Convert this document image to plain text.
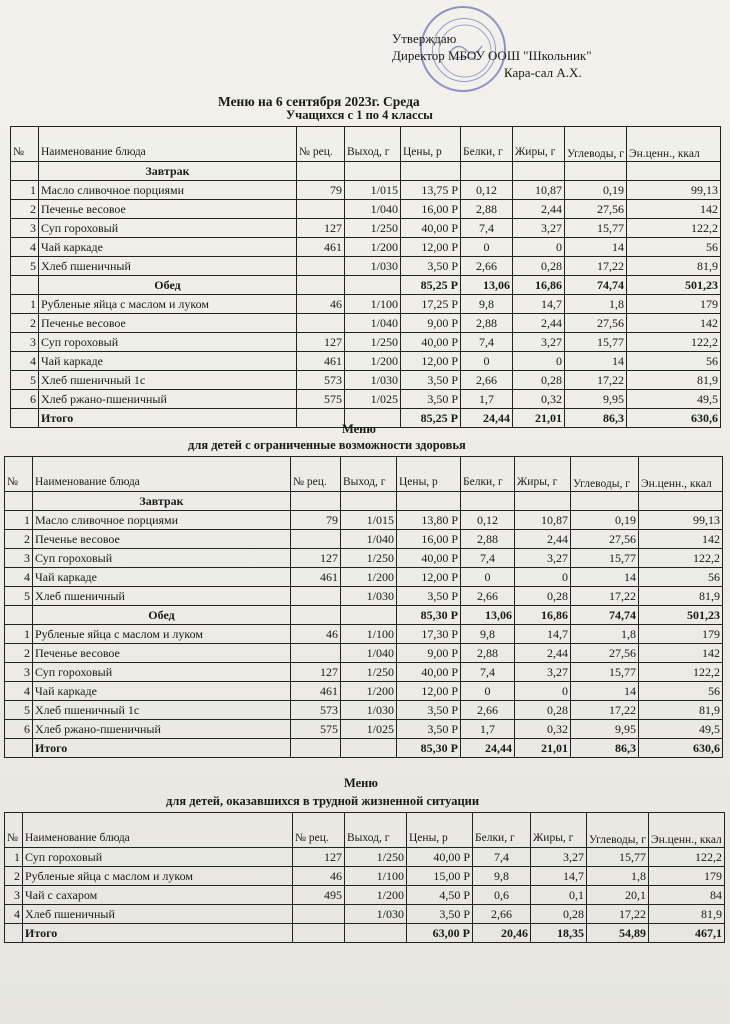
Утверждаю
Директор МБОУ ООШ "Школьник"
Кара-сал А.Х.
Меню на 6 сентября 2023г. Среда
Учащихся с 1 по 4 классы
№	Наименование блюда	№ рец.	Выход, г	Цены, р	Белки, г	Жиры, г	Углеводы, г	Эн.ценн., ккал

	Завтрак							
1	Масло сливочное порциями	79	1/015	13,75 Р	0,12	10,87	0,19	99,13
2	Печенье весовое		1/040	16,00 Р	2,88	2,44	27,56	142
3	Суп гороховый	127	1/250	40,00 Р	7,4	3,27	15,77	122,2
4	Чай каркаде	461	1/200	12,00 Р	0	0	14	56
5	Хлеб пшеничный		1/030	3,50 Р	2,66	0,28	17,22	81,9
	Обед			85,25 Р	13,06	16,86	74,74	501,23
1	Рубленые яйца с маслом и луком	46	1/100	17,25 Р	9,8	14,7	1,8	179
2	Печенье весовое		1/040	9,00 Р	2,88	2,44	27,56	142
3	Суп гороховый	127	1/250	40,00 Р	7,4	3,27	15,77	122,2
4	Чай каркаде	461	1/200	12,00 Р	0	0	14	56
5	Хлеб пшеничный 1с	573	1/030	3,50 Р	2,66	0,28	17,22	81,9
6	Хлеб ржано-пшеничный	575	1/025	3,50 Р	1,7	0,32	9,95	49,5
	Итого			85,25 Р	24,44	21,01	86,3	630,6
Меню
для детей с ограниченные возможности здоровья
№	Наименование блюда	№ рец.	Выход, г	Цены, р	Белки, г	Жиры, г	Углеводы, г	Эн.ценн., ккал

	Завтрак							
1	Масло сливочное порциями	79	1/015	13,80 Р	0,12	10,87	0,19	99,13
2	Печенье весовое		1/040	16,00 Р	2,88	2,44	27,56	142
3	Суп гороховый	127	1/250	40,00 Р	7,4	3,27	15,77	122,2
4	Чай каркаде	461	1/200	12,00 Р	0	0	14	56
5	Хлеб пшеничный		1/030	3,50 Р	2,66	0,28	17,22	81,9
	Обед			85,30 Р	13,06	16,86	74,74	501,23
1	Рубленые яйца с маслом и луком	46	1/100	17,30 Р	9,8	14,7	1,8	179
2	Печенье весовое		1/040	9,00 Р	2,88	2,44	27,56	142
3	Суп гороховый	127	1/250	40,00 Р	7,4	3,27	15,77	122,2
4	Чай каркаде	461	1/200	12,00 Р	0	0	14	56
5	Хлеб пшеничный 1с	573	1/030	3,50 Р	2,66	0,28	17,22	81,9
6	Хлеб ржано-пшеничный	575	1/025	3,50 Р	1,7	0,32	9,95	49,5
	Итого			85,30 Р	24,44	21,01	86,3	630,6
Меню
для детей, оказавшихся в трудной жизненной ситуации
№	Наименование блюда	№ рец.	Выход, г	Цены, р	Белки, г	Жиры, г	Углеводы, г	Эн.ценн., ккал

1	Суп гороховый	127	1/250	40,00 Р	7,4	3,27	15,77	122,2
2	Рубленые яйца с маслом и луком	46	1/100	15,00 Р	9,8	14,7	1,8	179
3	Чай с сахаром	495	1/200	4,50 Р	0,6	0,1	20,1	84
4	Хлеб пшеничный		1/030	3,50 Р	2,66	0,28	17,22	81,9
	Итого			63,00 Р	20,46	18,35	54,89	467,1
